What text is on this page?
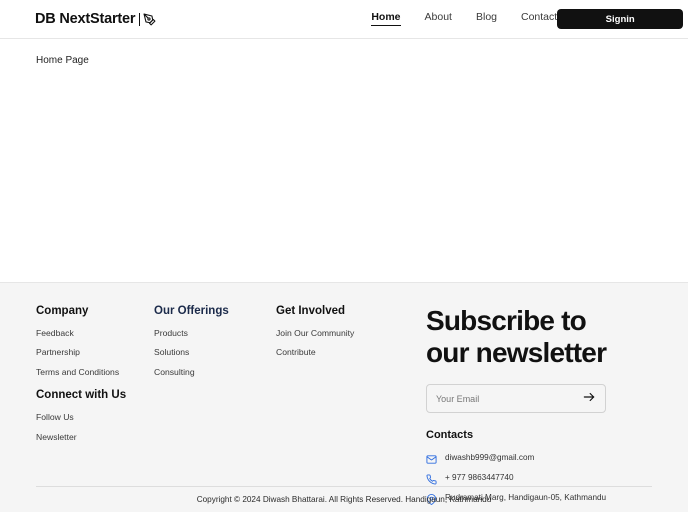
DB NextStarter	Home About Blog Contact	Signin
Home Page
Company
Feedback
Partnership
Terms and Conditions
Connect with Us
Follow Us
Newsletter
Our Offerings
Products
Solutions
Consulting
Get Involved
Join Our Community
Contribute
Subscribe to
our newsletter
Your Email
Contacts
diwashb999@gmail.com
+ 977 9863447740
Rudramati Marg, Handigaun-05, Kathmandu
Copyright © 2024 Diwash Bhattarai. All Rights Reserved. Handigaun, Kathmandu
